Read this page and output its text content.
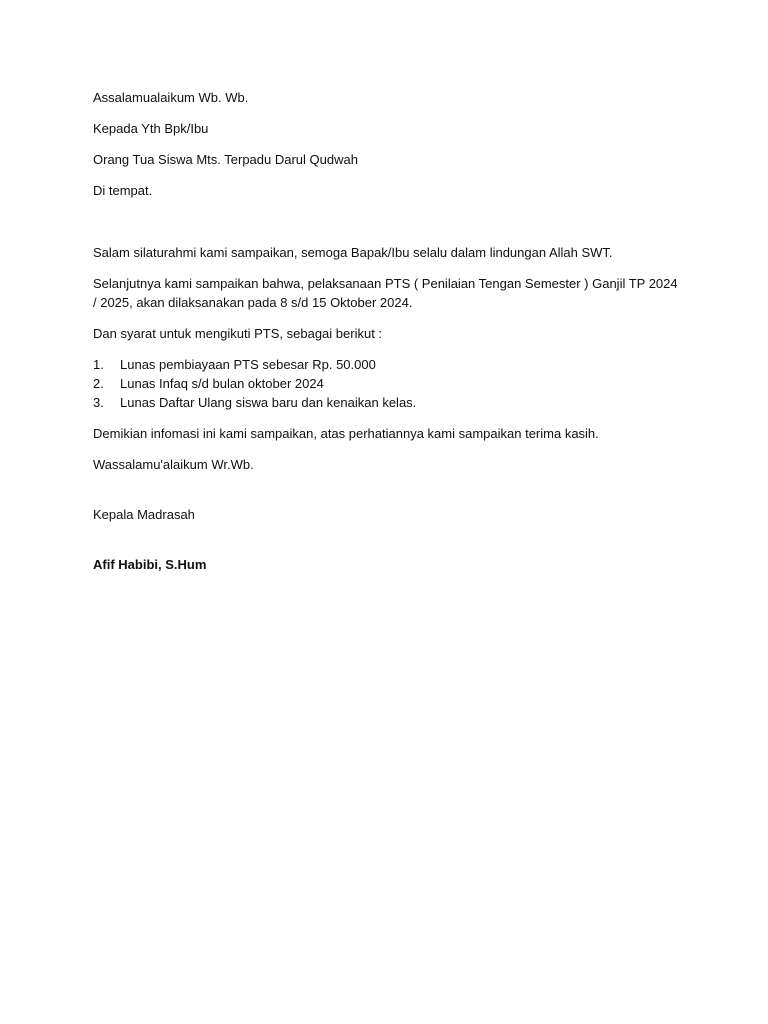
Assalamualaikum Wb. Wb.

Kepada Yth Bpk/Ibu

Orang Tua Siswa Mts. Terpadu Darul Qudwah

Di tempat.

Salam silaturahmi kami sampaikan, semoga Bapak/Ibu selalu dalam lindungan Allah SWT.

Selanjutnya kami sampaikan bahwa, pelaksanaan PTS ( Penilaian Tengan Semester ) Ganjil TP 2024 / 2025, akan dilaksanakan pada 8 s/d 15 Oktober 2024.

Dan syarat untuk mengikuti PTS, sebagai berikut :

1.	Lunas pembiayaan PTS sebesar Rp. 50.000
2.	Lunas Infaq s/d bulan oktober 2024
3.	Lunas Daftar Ulang siswa baru dan kenaikan kelas.

Demikian infomasi ini kami sampaikan, atas perhatiannya kami sampaikan terima kasih.

Wassalamu'alaikum Wr.Wb.

Kepala Madrasah

Afif Habibi, S.Hum
